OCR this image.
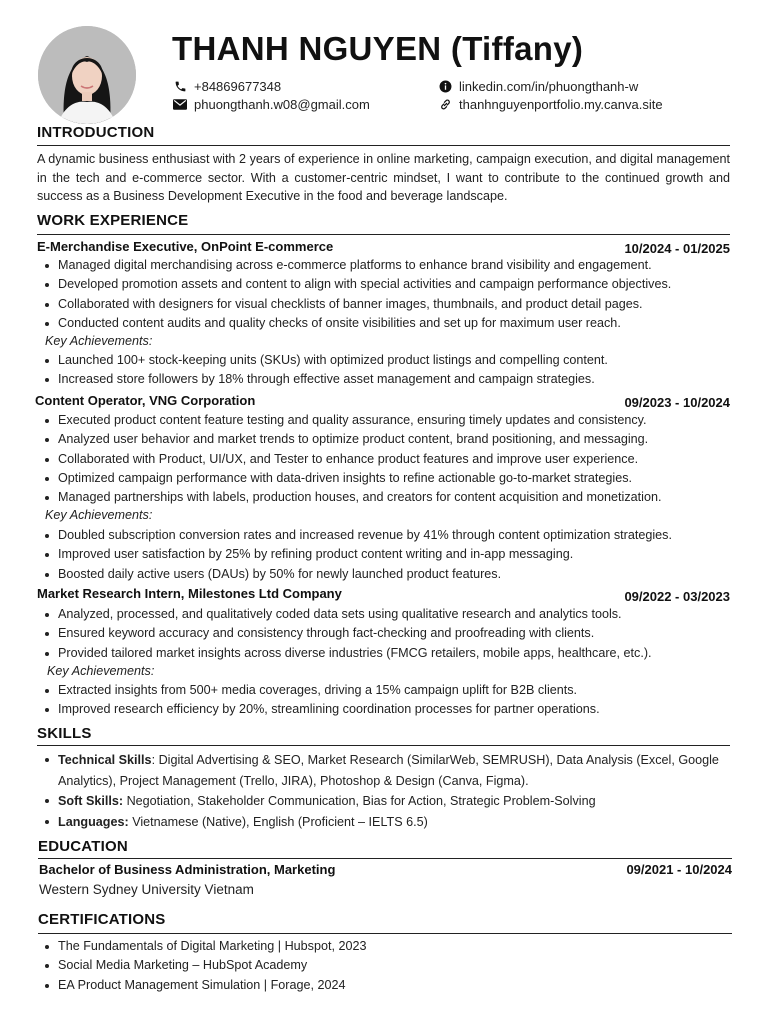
THANH NGUYEN (Tiffany)
+84869677348
phuongthanh.w08@gmail.com
linkedin.com/in/phuongthanh-w
thanhnguyenportfolio.my.canva.site
INTRODUCTION

A dynamic business enthusiast with 2 years of experience in online marketing, campaign execution, and digital management in the tech and e-commerce sector. With a customer-centric mindset, I want to contribute to the continued growth and success as a Business Development Executive in the food and beverage landscape.

WORK EXPERIENCE

E-Merchandise Executive, OnPoint E-commerce	10/2024 - 01/2025

Managed digital merchandising across e-commerce platforms to enhance brand visibility and engagement.
Developed promotion assets and content to align with special activities and campaign performance objectives.
Collaborated with designers for visual checklists of banner images, thumbnails, and product detail pages.
Conducted content audits and quality checks of onsite visibilities and set up for maximum user reach.

Key Achievements:

Launched 100+ stock-keeping units (SKUs) with optimized product listings and compelling content.
Increased store followers by 18% through effective asset management and campaign strategies.

Content Operator, VNG Corporation	09/2023 - 10/2024

Executed product content feature testing and quality assurance, ensuring timely updates and consistency.
Analyzed user behavior and market trends to optimize product content, brand positioning, and messaging.
Collaborated with Product, UI/UX, and Tester to enhance product features and improve user experience.
Optimized campaign performance with data-driven insights to refine actionable go-to-market strategies.
Managed partnerships with labels, production houses, and creators for content acquisition and monetization.

Key Achievements:

Doubled subscription conversion rates and increased revenue by 41% through content optimization strategies.
Improved user satisfaction by 25% by refining product content writing and in-app messaging.
Boosted daily active users (DAUs) by 50% for newly launched product features.

Market Research Intern, Milestones Ltd Company	09/2022 - 03/2023

Analyzed, processed, and qualitatively coded data sets using qualitative research and analytics tools.
Ensured keyword accuracy and consistency through fact-checking and proofreading with clients.
Provided tailored market insights across diverse industries (FMCG retailers, mobile apps, healthcare, etc.).

Key Achievements:

Extracted insights from 500+ media coverages, driving a 15% campaign uplift for B2B clients.
Improved research efficiency by 20%, streamlining coordination processes for partner operations.
SKILLS
Technical Skills: Digital Advertising & SEO, Market Research (SimilarWeb, SEMRUSH), Data Analysis (Excel, Google Analytics), Project Management (Trello, JIRA), Photoshop & Design (Canva, Figma).
Soft Skills: Negotiation, Stakeholder Communication, Bias for Action, Strategic Problem-Solving
Languages: Vietnamese (Native), English (Proficient – IELTS 6.5)
EDUCATION

Bachelor of Business Administration, Marketing	09/2021 - 10/2024

Western Sydney University Vietnam

CERTIFICATIONS
The Fundamentals of Digital Marketing | Hubspot, 2023
Social Media Marketing – HubSpot Academy
EA Product Management Simulation | Forage, 2024
